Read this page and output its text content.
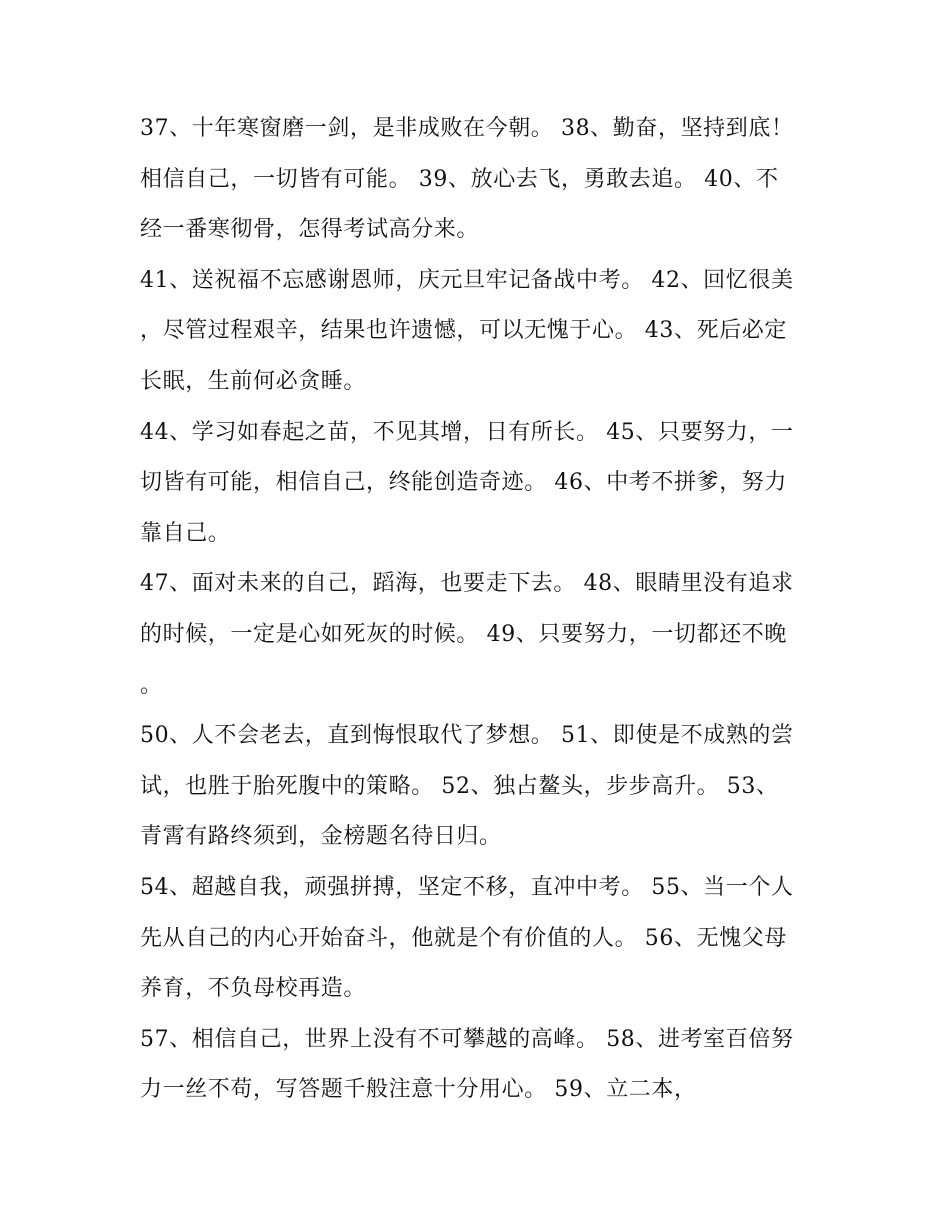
37、十年寒窗磨一剑，是非成败在今朝。 38、勤奋，坚持到底！相信自己，一切皆有可能。 39、放心去飞，勇敢去追。 40、不经一番寒彻骨，怎得考试高分来。

41、送祝福不忘感谢恩师，庆元旦牢记备战中考。 42、回忆很美，尽管过程艰辛，结果也许遗憾，可以无愧于心。 43、死后必定长眠，生前何必贪睡。

44、学习如春起之苗，不见其增，日有所长。 45、只要努力，一切皆有可能，相信自己，终能创造奇迹。 46、中考不拼爹，努力靠自己。

47、面对未来的自己，蹈海，也要走下去。 48、眼睛里没有追求的时候，一定是心如死灰的时候。 49、只要努力，一切都还不晚。

50、人不会老去，直到悔恨取代了梦想。 51、即使是不成熟的尝试，也胜于胎死腹中的策略。 52、独占鳌头，步步高升。 53、青霄有路终须到，金榜题名待日归。

54、超越自我，顽强拼搏，坚定不移，直冲中考。 55、当一个人先从自己的内心开始奋斗，他就是个有价值的人。 56、无愧父母养育，不负母校再造。

57、相信自己，世界上没有不可攀越的高峰。 58、进考室百倍努力一丝不苟，写答题千般注意十分用心。 59、立二本，
